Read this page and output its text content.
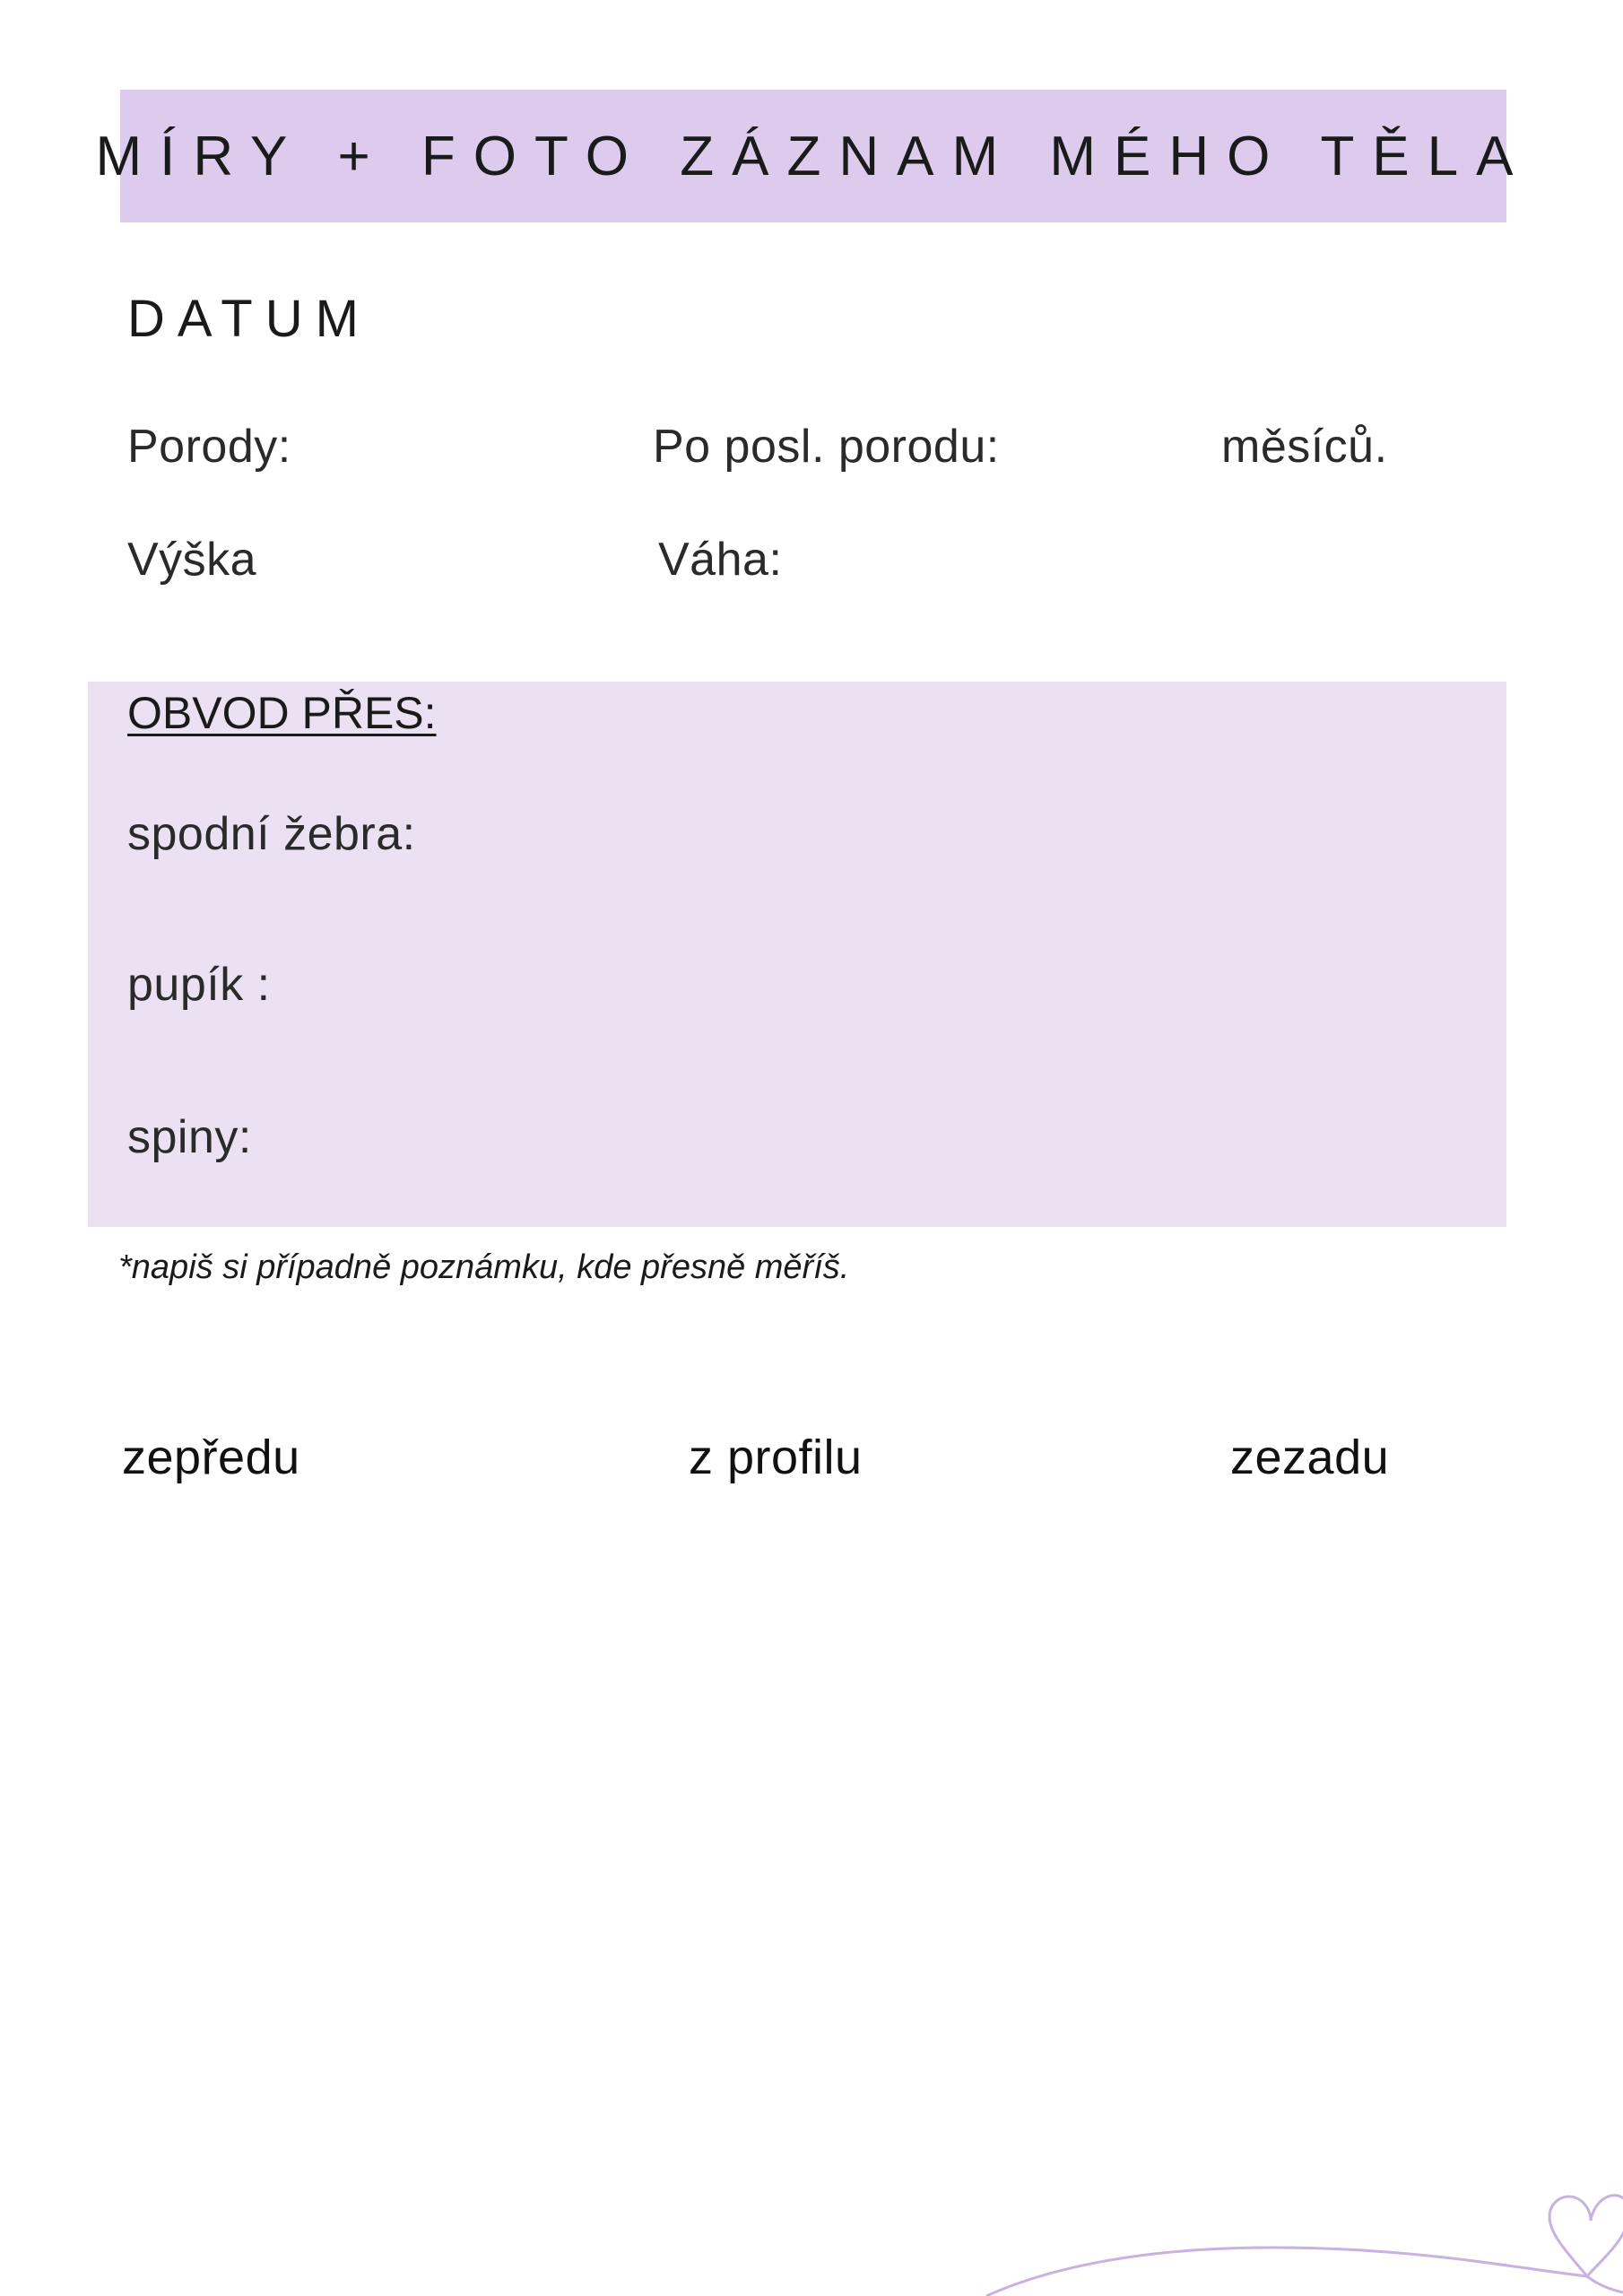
MÍRY + FOTO ZÁZNAM MÉHO TĚLA
DATUM
Porody:	Po posl. porodu:	měsíců.
Výška	Váha:
OBVOD PŘES:
spodní žebra:
pupík :
spiny:
*napiš si případně poznámku, kde přesně měříš.
zepředu	z profilu	zezadu
